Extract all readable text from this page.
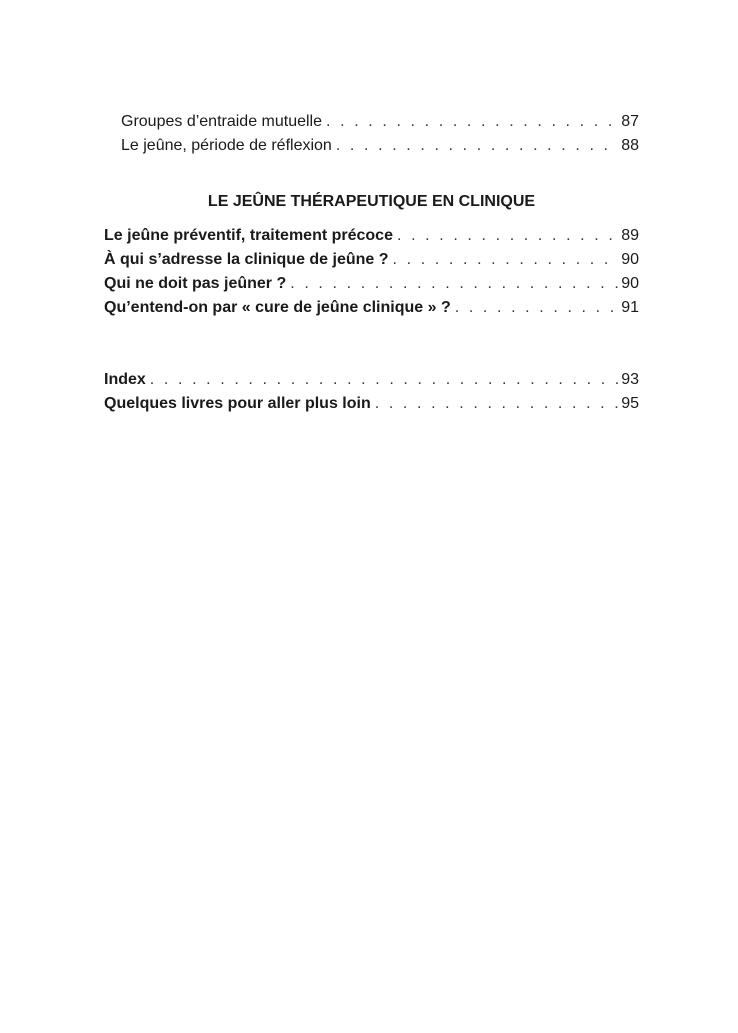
Groupes d’entraide mutuelle . . .	87
Le jeûne, période de réflexion . . .	88
LE JEÛNE THÉRAPEUTIQUE EN CLINIQUE
Le jeûne préventif, traitement précoce . . .	89
À qui s’adresse la clinique de jeûne ? . . .	90
Qui ne doit pas jeûner ? . . .	90
Qu’entend-on par « cure de jeûne clinique » ? . . .	91
Index . . .	93
Quelques livres pour aller plus loin . . .	95
